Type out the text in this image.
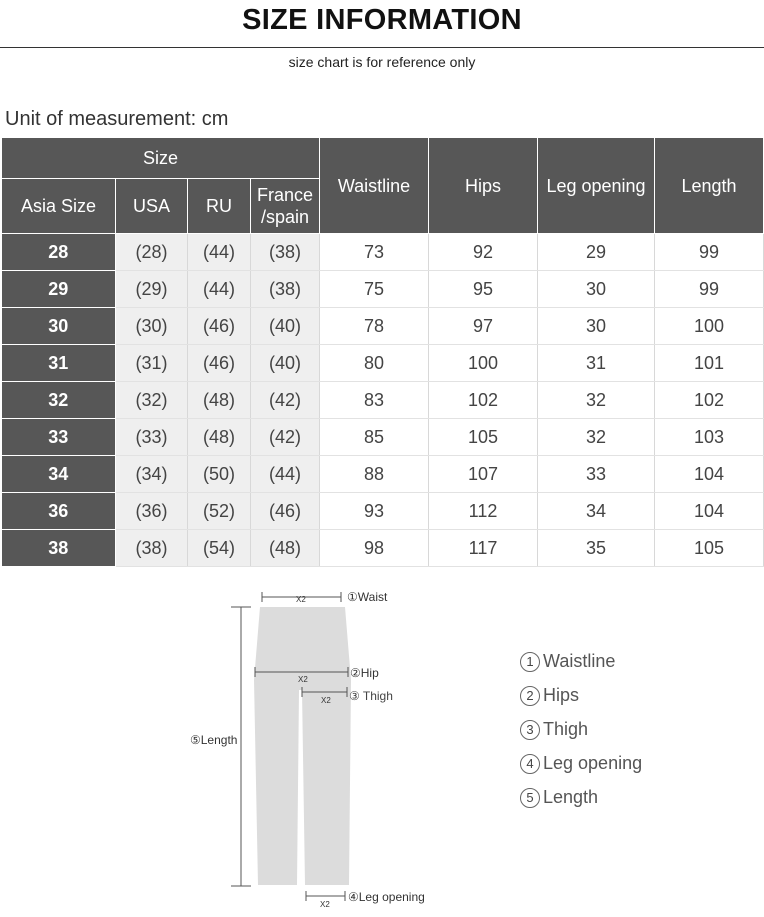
SIZE INFORMATION
size chart is for reference only
Unit of measurement: cm
Size				Waistline	Hips	Leg opening	Length
Asia Size	USA	RU	France /spain				
28	(28)	(44)	(38)	73	92	29	99
29	(29)	(44)	(38)	75	95	30	99
30	(30)	(46)	(40)	78	97	30	100
31	(31)	(46)	(40)	80	100	31	101
32	(32)	(48)	(42)	83	102	32	102
33	(33)	(48)	(42)	85	105	32	103
34	(34)	(50)	(44)	88	107	33	104
36	(36)	(52)	(46)	93	112	34	104
38	(38)	(54)	(48)	98	117	35	105
X2	①Waist
X2	②Hip
X2 ③ Thigh
⑤Length
X2
④Leg opening
1 Waistline
2 Hips
3 Thigh
4 Leg opening
5 Length
